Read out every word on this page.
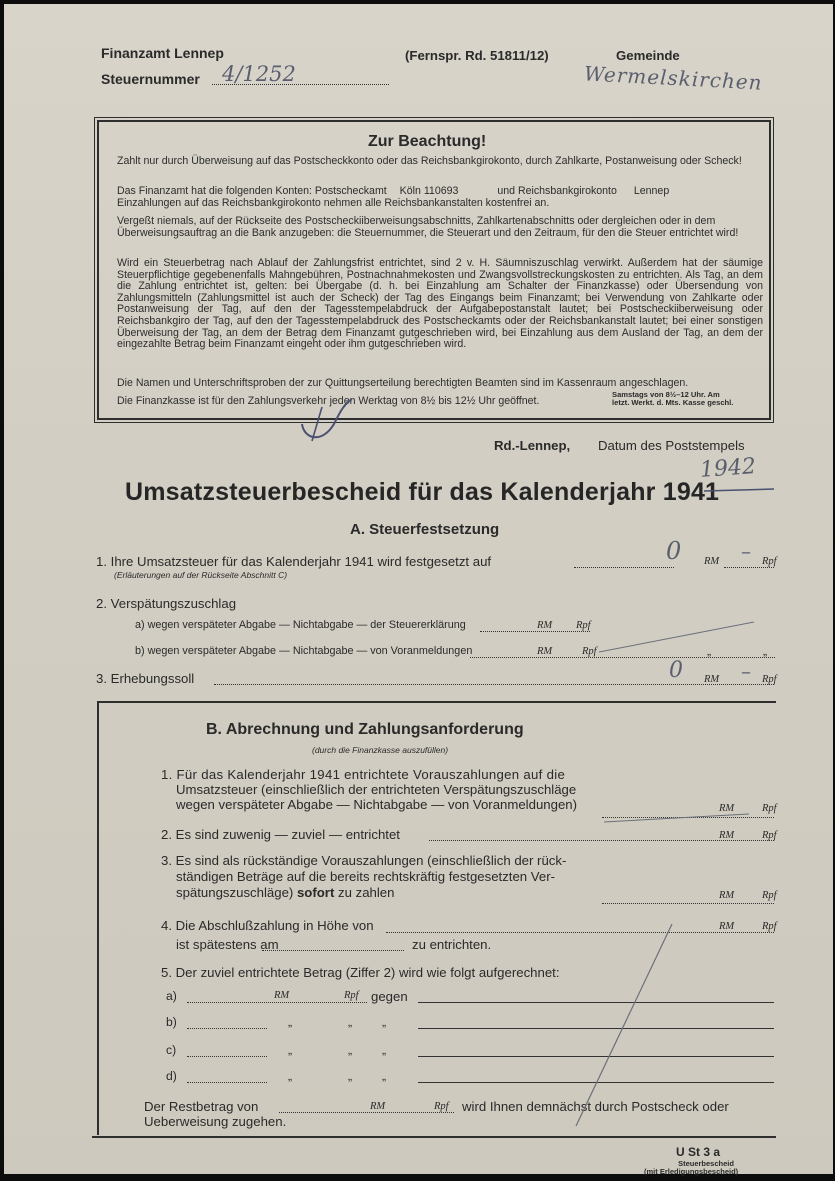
Finanzamt Lennep	(Fernspr. Rd. 51811/12)	Gemeinde
Wermelskirchen
Steuernummer 4/1252
Zur Beachtung!
Zahlt nur durch Überweisung auf das Postscheckkonto oder das Reichsbankgirokonto, durch Zahlkarte, Postanweisung oder Scheck!
Das Finanzamt hat die folgenden Konten: Postscheckamt Köln 110693	und Reichsbankgirokonto Lennep
Einzahlungen auf das Reichsbankgirokonto nehmen alle Reichsbankanstalten kostenfrei an.
Vergeßt niemals, auf der Rückseite des Postscheckiiberweisungsabschnitts, Zahlkartenabschnitts oder dergleichen oder in dem Überweisungsauftrag an die Bank anzugeben: die Steuernummer, die Steuerart und den Zeitraum, für den die Steuer entrichtet wird!
Wird ein Steuerbetrag nach Ablauf der Zahlungsfrist entrichtet, sind 2 v. H. Säumniszuschlag verwirkt. Außerdem hat der säumige Steuerpflichtige gegebenenfalls Mahngebühren, Postnachnahmekosten und Zwangsvollstreckungskosten zu entrichten. Als Tag, an dem die Zahlung entrichtet ist, gelten: bei Übergabe (d. h. bei Einzahlung am Schalter der Finanzkasse) oder Übersendung von Zahlungsmitteln (Zahlungsmittel ist auch der Scheck) der Tag des Eingangs beim Finanzamt; bei Verwendung von Zahlkarte oder Postanweisung der Tag, auf den der Tagesstempelabdruck der Aufgabepostanstalt lautet; bei Postscheckiiberweisung oder Reichsbankgiro der Tag, auf den der Tagesstempelabdruck des Postscheckamts oder der Reichsbankanstalt lautet; bei einer sonstigen Überweisung der Tag, an dem der Betrag dem Finanzamt gutgeschrieben wird, bei Einzahlung aus dem Ausland der Tag, an dem der eingezahlte Betrag beim Finanzamt eingeht oder ihm gutgeschrieben wird.
Die Namen und Unterschriftsproben der zur Quittungserteilung berechtigten Beamten sind im Kassenraum angeschlagen.
Die Finanzkasse ist für den Zahlungsverkehr jeden Werktag von 8½ bis 12½ Uhr geöffnet.
Samstags von 8½–12 Uhr. Am
letzt. Werkt. d. Mts. Kasse geschl.
Rd.-Lennep, Datum des Poststempels
1942
Umsatzsteuerbescheid für das Kalenderjahr 1941
A. Steuerfestsetzung
1. Ihre Umsatzsteuer für das Kalenderjahr 1941 wird festgesetzt auf	0 RM – Rpf
(Erläuterungen auf der Rückseite Abschnitt C)
2. Verspätungszuschlag
a) wegen verspäteter Abgabe — Nichtabgabe — der Steuererklärung	RM Rpf
b) wegen verspäteter Abgabe — Nichtabgabe — von Voranmeldungen	RM	Rpf	„	„
3. Erhebungssoll	0 RM – Rpf
B. Abrechnung und Zahlungsanforderung
(durch die Finanzkasse auszufüllen)
1. Für das Kalenderjahr 1941 entrichtete Vorauszahlungen auf die
Umsatzsteuer (einschließlich der entrichteten Verspätungszuschläge
wegen verspäteter Abgabe — Nichtabgabe — von Voranmeldungen)	RM	Rpf
2. Es sind zuwenig — zuviel — entrichtet	RM	Rpf
3. Es sind als rückständige Vorauszahlungen (einschließlich der rück-
ständigen Beträge auf die bereits rechtskräftig festgesetzten Ver-
spätungszuschläge) sofort zu zahlen	RM	Rpf
4. Die Abschlußzahlung in Höhe von	RM	Rpf
ist spätestens am	zu entrichten.
5. Der zuviel entrichtete Betrag (Ziffer 2) wird wie folgt aufgerechnet:
a)	RM	Rpf gegen
b)	„	„ „
c)	„	„ „
d)	„	„ „
Der Restbetrag von	RM	Rpf wird Ihnen demnächst durch Postscheck oder
Ueberweisung zugehen.
U St 3 a
Steuerbescheid
(mit Erledigungsbescheid)
